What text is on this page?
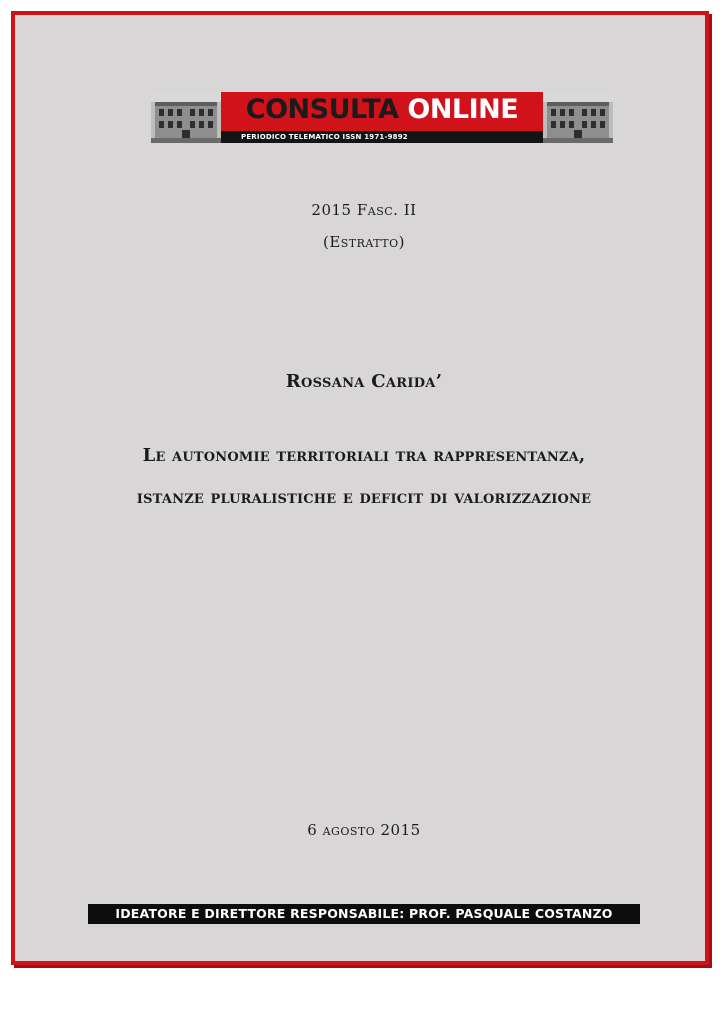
CONSULTA ONLINE
PERIODICO TELEMATICO ISSN 1971-9892
2015 Fasc. II
(Estratto)
Rossana Carida’
Le autonomie territoriali tra rappresentanza,
istanze pluralistiche e deficit di valorizzazione
6 agosto 2015
IDEATORE E DIRETTORE RESPONSABILE: PROF. PASQUALE COSTANZO
